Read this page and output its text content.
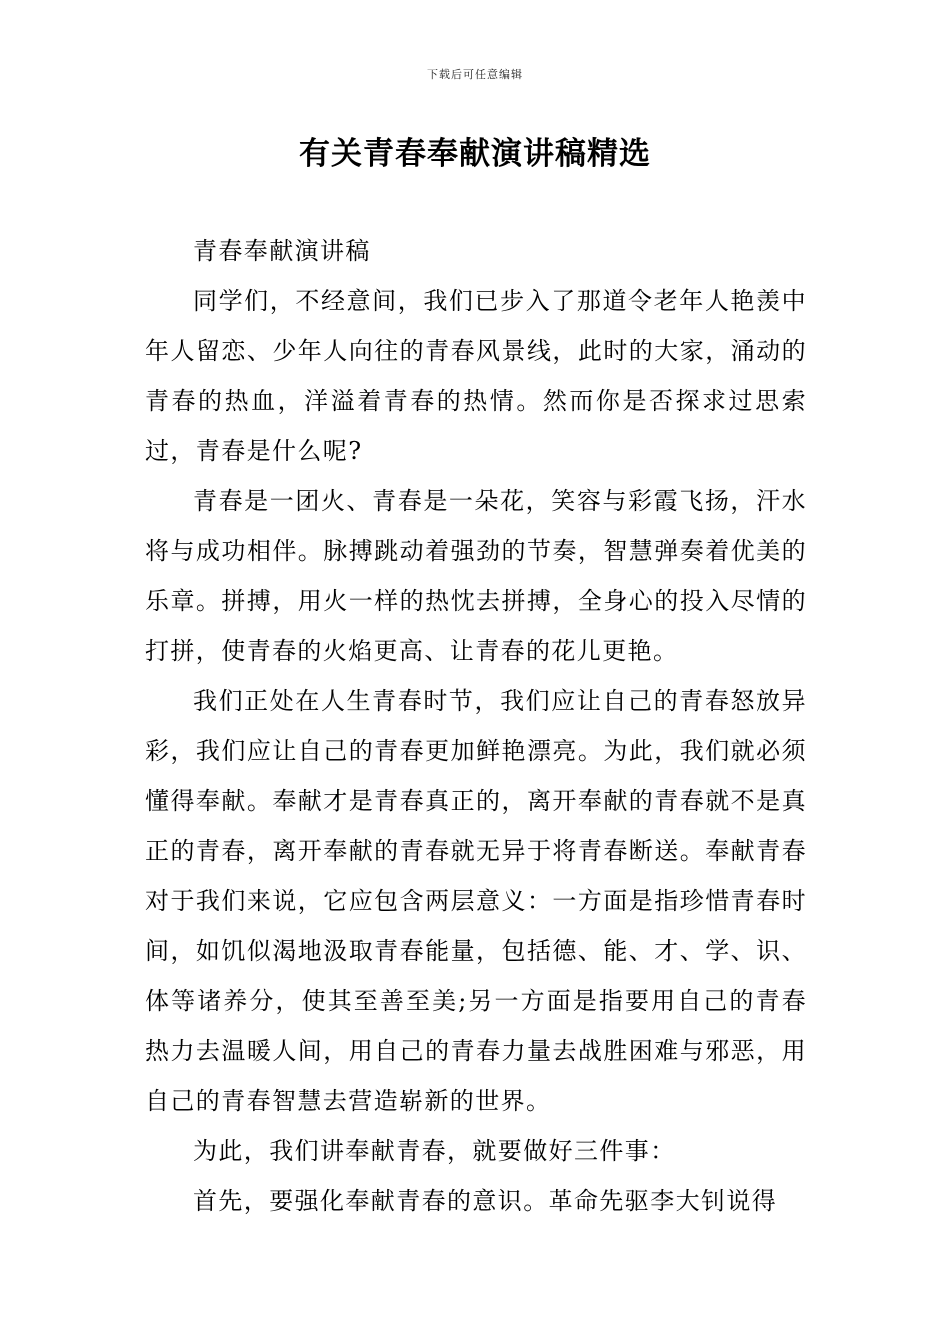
下载后可任意编辑
有关青春奉献演讲稿精选

青春奉献演讲稿

同学们，不经意间，我们已步入了那道令老年人艳羡中年人留恋、少年人向往的青春风景线，此时的大家，涌动的青春的热血，洋溢着青春的热情。然而你是否探求过思索过，青春是什么呢?

青春是一团火、青春是一朵花，笑容与彩霞飞扬，汗水将与成功相伴。脉搏跳动着强劲的节奏，智慧弹奏着优美的乐章。拼搏，用火一样的热忱去拼搏，全身心的投入尽情的打拼，使青春的火焰更高、让青春的花儿更艳。

我们正处在人生青春时节，我们应让自己的青春怒放异彩，我们应让自己的青春更加鲜艳漂亮。为此，我们就必须懂得奉献。奉献才是青春真正的，离开奉献的青春就不是真正的青春，离开奉献的青春就无异于将青春断送。奉献青春对于我们来说，它应包含两层意义：一方面是指珍惜青春时间，如饥似渴地汲取青春能量，包括德、能、才、学、识、体等诸养分，使其至善至美;另一方面是指要用自己的青春热力去温暖人间，用自己的青春力量去战胜困难与邪恶，用自己的青春智慧去营造崭新的世界。

为此，我们讲奉献青春，就要做好三件事：

首先，要强化奉献青春的意识。革命先驱李大钊说得
